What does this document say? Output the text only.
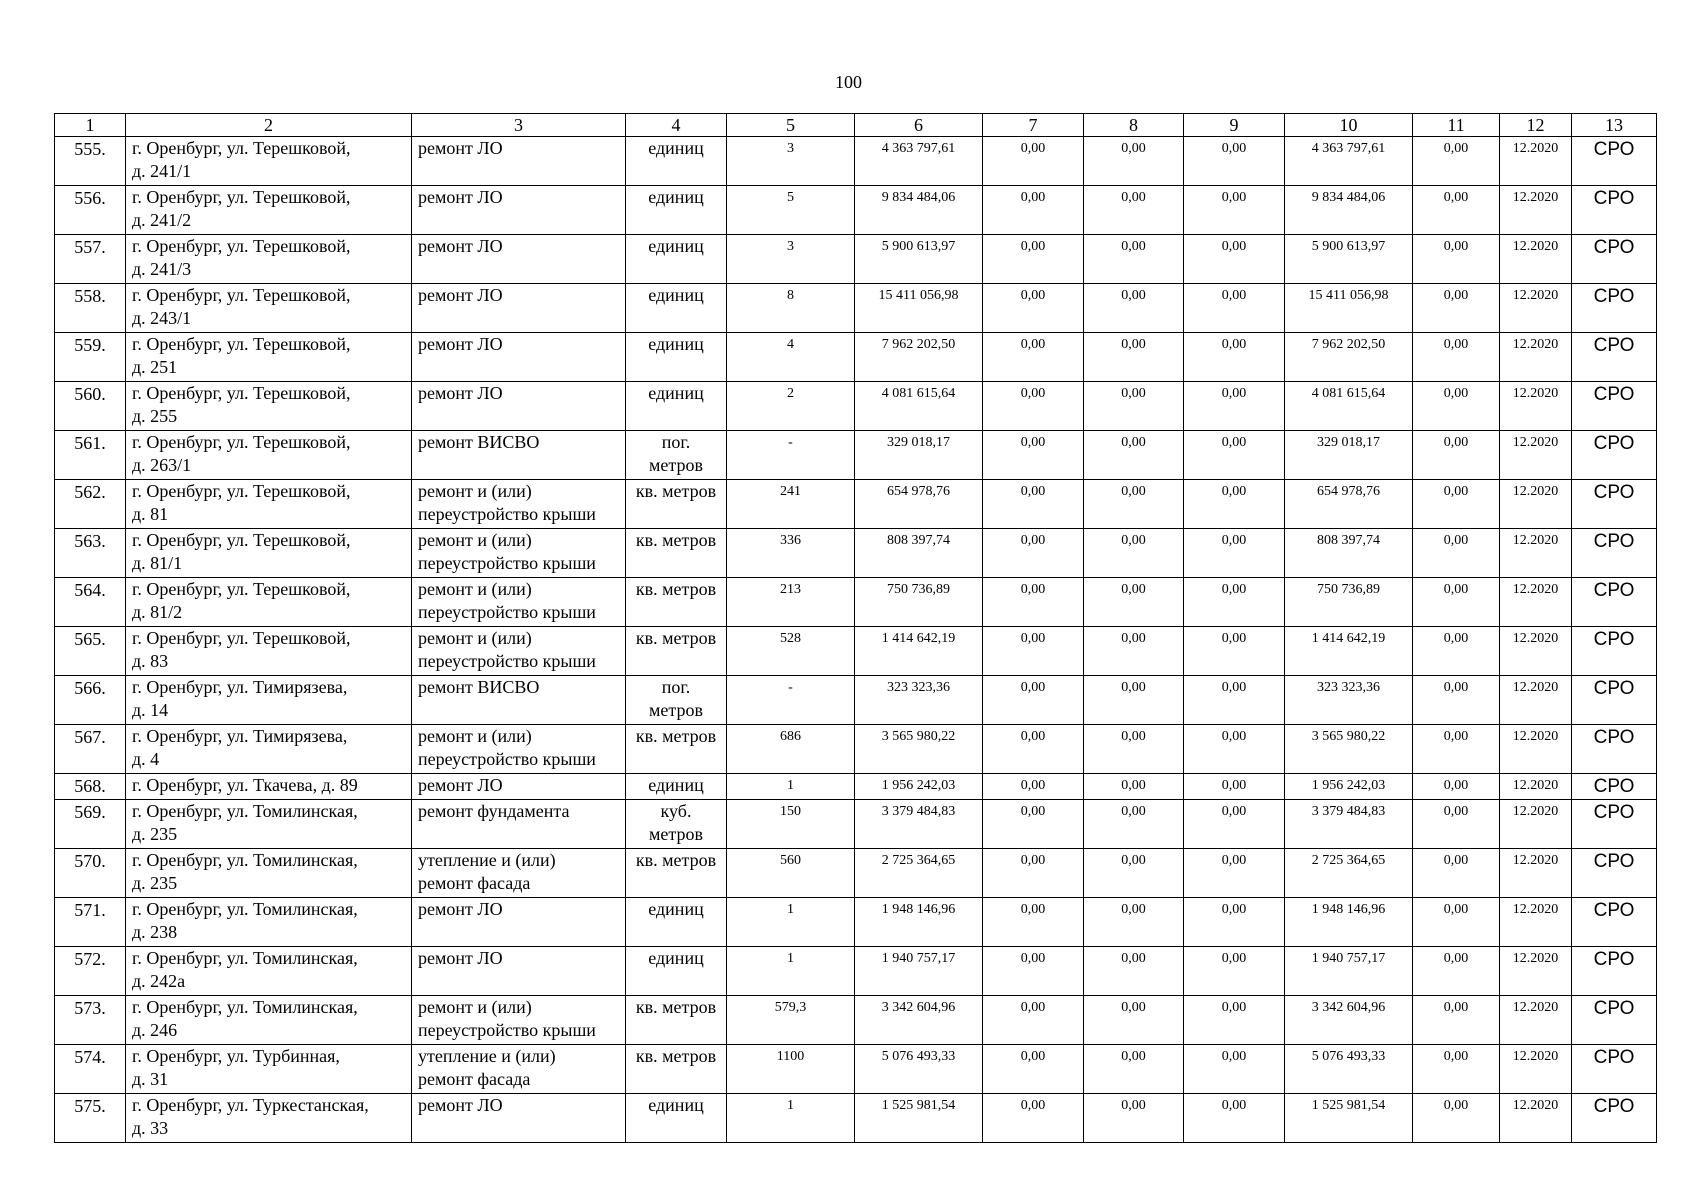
100
1	2	3	4	5	6	7	8	9	10	11	12	13
555.	г. Оренбург, ул. Терешковой,
д. 241/1	ремонт ЛО	единиц	3	4 363 797,61	0,00	0,00	0,00	4 363 797,61	0,00	12.2020	СРО
556.	г. Оренбург, ул. Терешковой,
д. 241/2	ремонт ЛО	единиц	5	9 834 484,06	0,00	0,00	0,00	9 834 484,06	0,00	12.2020	СРО
557.	г. Оренбург, ул. Терешковой,
д. 241/3	ремонт ЛО	единиц	3	5 900 613,97	0,00	0,00	0,00	5 900 613,97	0,00	12.2020	СРО
558.	г. Оренбург, ул. Терешковой,
д. 243/1	ремонт ЛО	единиц	8	15 411 056,98	0,00	0,00	0,00	15 411 056,98	0,00	12.2020	СРО
559.	г. Оренбург, ул. Терешковой,
д. 251	ремонт ЛО	единиц	4	7 962 202,50	0,00	0,00	0,00	7 962 202,50	0,00	12.2020	СРО
560.	г. Оренбург, ул. Терешковой,
д. 255	ремонт ЛО	единиц	2	4 081 615,64	0,00	0,00	0,00	4 081 615,64	0,00	12.2020	СРО
561.	г. Оренбург, ул. Терешковой,
д. 263/1	ремонт ВИСВО	пог.
метров	-	329 018,17	0,00	0,00	0,00	329 018,17	0,00	12.2020	СРО
562.	г. Оренбург, ул. Терешковой,
д. 81	ремонт и (или)
переустройство крыши	кв. метров	241	654 978,76	0,00	0,00	0,00	654 978,76	0,00	12.2020	СРО
563.	г. Оренбург, ул. Терешковой,
д. 81/1	ремонт и (или)
переустройство крыши	кв. метров	336	808 397,74	0,00	0,00	0,00	808 397,74	0,00	12.2020	СРО
564.	г. Оренбург, ул. Терешковой,
д. 81/2	ремонт и (или)
переустройство крыши	кв. метров	213	750 736,89	0,00	0,00	0,00	750 736,89	0,00	12.2020	СРО
565.	г. Оренбург, ул. Терешковой,
д. 83	ремонт и (или)
переустройство крыши	кв. метров	528	1 414 642,19	0,00	0,00	0,00	1 414 642,19	0,00	12.2020	СРО
566.	г. Оренбург, ул. Тимирязева,
д. 14	ремонт ВИСВО	пог.
метров	-	323 323,36	0,00	0,00	0,00	323 323,36	0,00	12.2020	СРО
567.	г. Оренбург, ул. Тимирязева,
д. 4	ремонт и (или)
переустройство крыши	кв. метров	686	3 565 980,22	0,00	0,00	0,00	3 565 980,22	0,00	12.2020	СРО
568.	г. Оренбург, ул. Ткачева, д. 89	ремонт ЛО	единиц	1	1 956 242,03	0,00	0,00	0,00	1 956 242,03	0,00	12.2020	СРО
569.	г. Оренбург, ул. Томилинская,
д. 235	ремонт фундамента	куб.
метров	150	3 379 484,83	0,00	0,00	0,00	3 379 484,83	0,00	12.2020	СРО
570.	г. Оренбург, ул. Томилинская,
д. 235	утепление и (или)
ремонт фасада	кв. метров	560	2 725 364,65	0,00	0,00	0,00	2 725 364,65	0,00	12.2020	СРО
571.	г. Оренбург, ул. Томилинская,
д. 238	ремонт ЛО	единиц	1	1 948 146,96	0,00	0,00	0,00	1 948 146,96	0,00	12.2020	СРО
572.	г. Оренбург, ул. Томилинская,
д. 242а	ремонт ЛО	единиц	1	1 940 757,17	0,00	0,00	0,00	1 940 757,17	0,00	12.2020	СРО
573.	г. Оренбург, ул. Томилинская,
д. 246	ремонт и (или)
переустройство крыши	кв. метров	579,3	3 342 604,96	0,00	0,00	0,00	3 342 604,96	0,00	12.2020	СРО
574.	г. Оренбург, ул. Турбинная,
д. 31	утепление и (или)
ремонт фасада	кв. метров	1100	5 076 493,33	0,00	0,00	0,00	5 076 493,33	0,00	12.2020	СРО
575.	г. Оренбург, ул. Туркестанская,
д. 33	ремонт ЛО	единиц	1	1 525 981,54	0,00	0,00	0,00	1 525 981,54	0,00	12.2020	СРО
